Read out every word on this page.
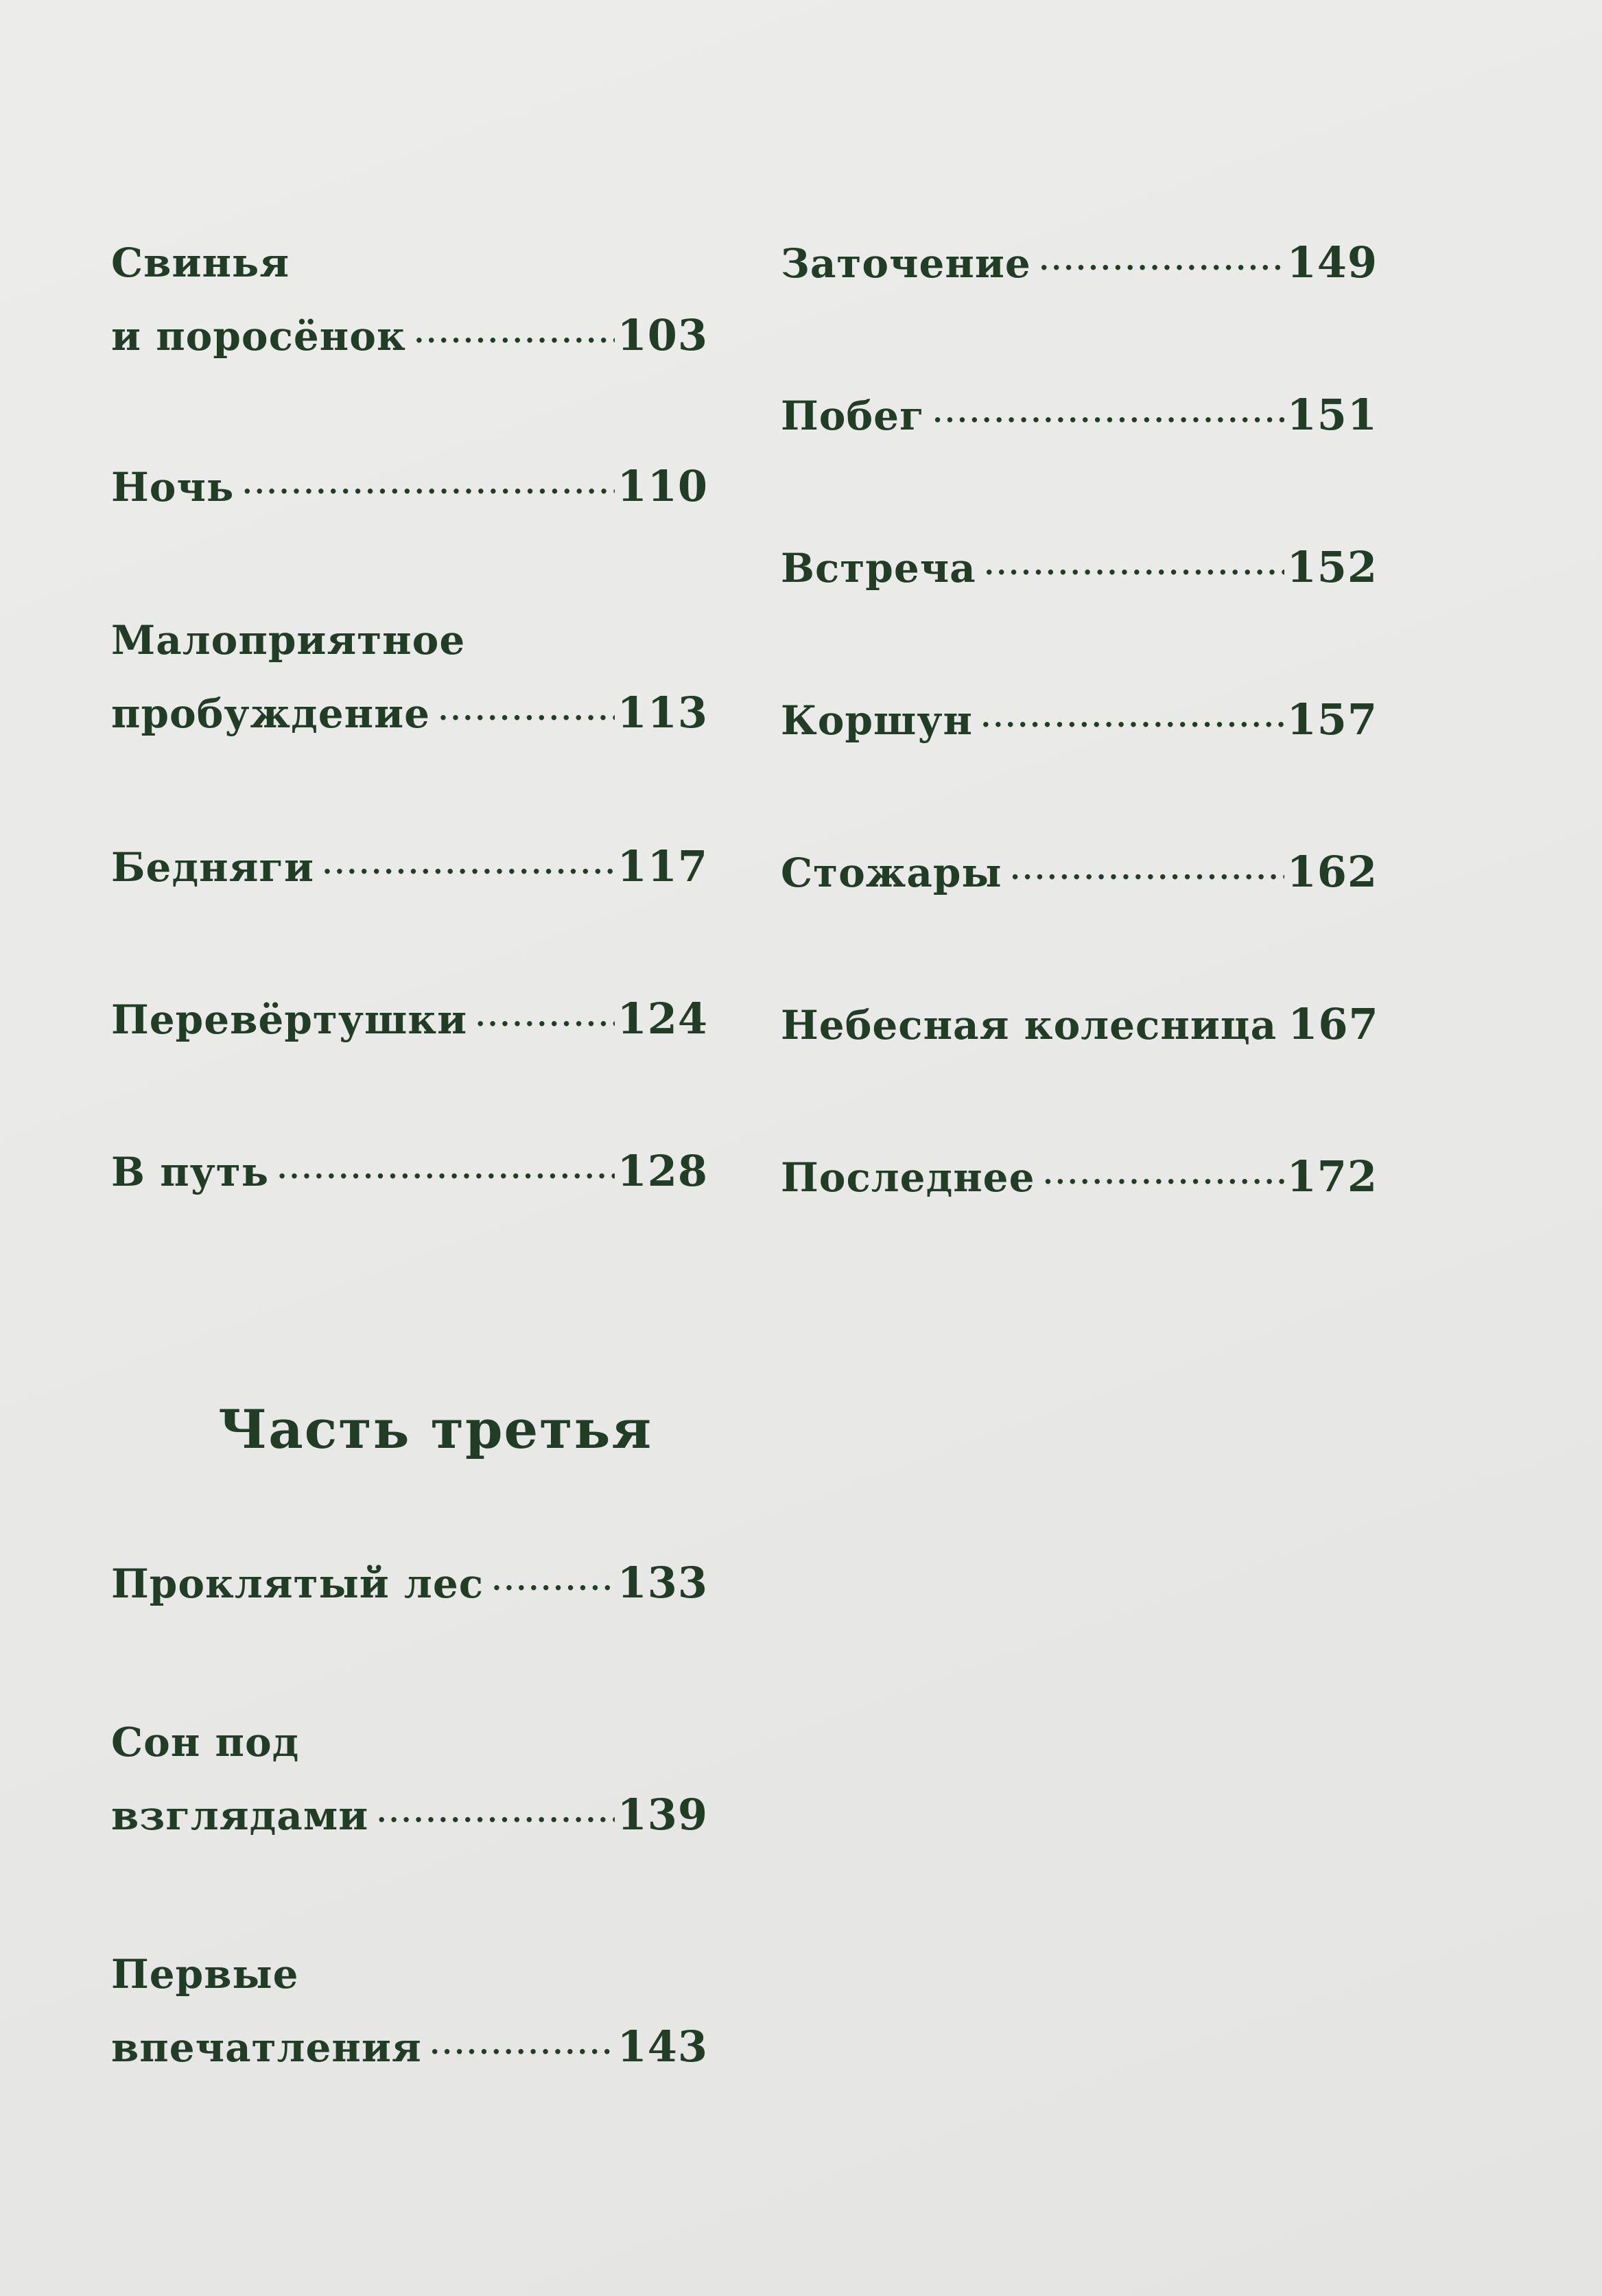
Свинья
и поросёнок ·····	103
Ночь ·····	110
Малоприятное
пробуждение ·····	113
Бедняги ·····	117
Перевёртушки ·····	124
В путь ·····	128
Заточение ·····	149
Побег ·····	151
Встреча ·····	152
Коршун ·····	157
Стожары ·····	162
Небесная колесница 167
Последнее ·····	172
Часть третья
Проклятый лес ·····	133
Сон под
взглядами ·····	139
Первые
впечатления ·····	143
